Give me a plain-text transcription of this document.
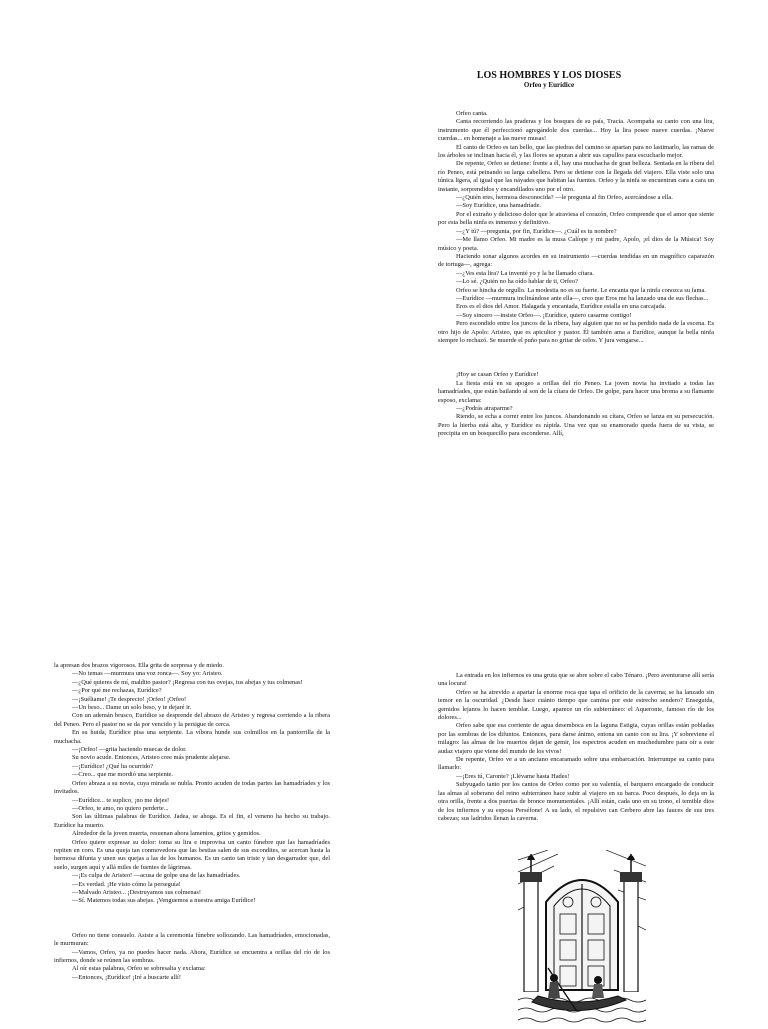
LOS HOMBRES Y LOS DIOSES
Orfeo y Eurídice

Orfeo canta.

Canta recorriendo las praderas y los bosques de su país, Tracia. Acompaña su canto con una lira, instrumento que él perfeccionó agregándole dos cuerdas... Hoy la lira posee nueve cuerdas. ¡Nueve cuerdas... en homenaje a las nueve musas!

El canto de Orfeo es tan bello, que las piedras del camino se apartan para no lastimarlo, las ramas de los árboles se inclinan hacia él, y las flores se apuran a abrir sus capullos para escucharlo mejor.

De repente, Orfeo se detiene: frente a él, hay una muchacha de gran belleza. Sentada en la ribera del río Peneo, está peinando su larga cabellera. Pero se detiene con la llegada del viajero. Ella viste solo una túnica ligera, al igual que las náyades que habitan las fuentes. Orfeo y la ninfa se encuentran cara a cara un instante, sorprendidos y encandilados uno por el otro.

—¿Quién eres, hermosa desconocida? —le pregunta al fin Orfeo, acercándose a ella.

—Soy Eurídice, una hamadríade.

Por el extraño y delicioso dolor que le atraviesa el corazón, Orfeo comprende que el amor que siente por esta bella ninfa es inmenso y definitivo.

—¿Y tú? —pregunta, por fin, Eurídice—. ¿Cuál es tu nombre?

—Me llamo Orfeo. Mi madre es la musa Calíope y mi padre, Apolo, ¡el dios de la Música! Soy músico y poeta.

Haciendo sonar algunos acordes en su instrumento —cuerdas tendidas en un magnífico caparazón de tortuga—, agrega:

—¿Ves esta lira? La inventé yo y la he llamado cítara.

—Lo sé. ¿Quién no ha oído hablar de ti, Orfeo?

Orfeo se hincha de orgullo. La modestia no es su fuerte. Le encanta que la ninfa conozca su fama.

—Eurídice —murmura inclinándose ante ella—, creo que Eros me ha lanzado una de sus flechas...

Eros es el dios del Amor. Halagada y encantada, Eurídice estalla en una carcajada.

—Soy sincero —insiste Orfeo—. ¡Eurídice, quiero casarme contigo!

Pero escondido entre los juncos de la ribera, hay alguien que no se ha perdido nada de la escena. Es otro hijo de Apolo: Aristeo, que es apicultor y pastor. Él también ama a Eurídice, aunque la bella ninfa siempre lo rechazó. Se muerde el puño para no gritar de celos. Y jura vengarse...

¡Hoy se casan Orfeo y Eurídice!

La fiesta está en su apogeo a orillas del río Peneo. La joven novia ha invitado a todas las hamadríades, que están bailando al son de la cítara de Orfeo. De golpe, para hacer una broma a su flamante esposo, exclama:

—¿Podrás atraparme?

Riendo, se echa a correr entre los juncos. Abandonando su cítara, Orfeo se lanza en su persecución. Pero la hierba está alta, y Eurídice es rápida. Una vez que su enamorado queda fuera de su vista, se precipita en un bosquecillo para esconderse. Allí,

la apresan dos brazos vigorosos. Ella grita de sorpresa y de miedo.

—No temas —murmura una voz ronca—. Soy yo: Aristeo.

—¿Qué quieres de mí, maldito pastor? ¡Regresa con tus ovejas, tus abejas y tus colmenas!

—¿Por qué me rechazas, Eurídice?

—¡Suéltame! ¡Te desprecio! ¡Orfeo! ¡Orfeo!

—Un beso... Dame un solo beso, y te dejaré ir.

Con un ademán brusco, Eurídice se desprende del abrazo de Aristeo y regresa corriendo a la ribera del Peneo. Pero el pastor no se da por vencido y la persigue de cerca.

En su huida, Eurídice pisa una serpiente. La víbora hunde sus colmillos en la pantorrilla de la muchacha.

—¡Orfeo! —grita haciendo muecas de dolor.

Su novio acude. Entonces, Aristeo cree más prudente alejarse.

—¡Eurídice! ¿Qué ha ocurrido?

—Creo... que me mordió una serpiente.

Orfeo abraza a su novia, cuya mirada se nubla. Pronto acuden de todas partes las hamadríades y los invitados.

—Eurídice... te suplico, ¡no me dejes!

—Orfeo, te amo, no quiero perderte...

Son las últimas palabras de Eurídice. Jadea, se ahoga. Es el fin, el veneno ha hecho su trabajo. Eurídice ha muerto.

Alrededor de la joven muerta, resuenan ahora lamentos, gritos y gemidos.

Orfeo quiere expresar su dolor: toma su lira e improvisa un canto fúnebre que las hamadríades repiten en coro. Es una queja tan conmovedora que las bestias salen de sus escondites, se acercan hasta la hermosa difunta y unen sus quejas a las de los humanos. Es un canto tan triste y tan desgarrador que, del suelo, surgen aquí y allá miles de fuentes de lágrimas.

—¡Es culpa de Aristeo! —acusa de golpe una de las hamadríades.

—Es verdad. ¡He visto cómo la perseguía!

—Malvado Aristeo... ¡Destruyamos sus colmenas!

—Sí. Matemos todas sus abejas. ¡Venguemos a nuestra amiga Eurídice!

Orfeo no tiene consuelo. Asiste a la ceremonia fúnebre sollozando. Las hamadríades, emocionadas, le murmuran:

—Vamos, Orfeo, ya no puedes hacer nada. Ahora, Eurídice se encuentra a orillas del río de los infiernos, donde se reúnen las sombras.

Al oír estas palabras, Orfeo se sobresalta y exclama:

—Entonces, ¡Eurídice! ¡Iré a buscarte allí!

La entrada en los infiernos es una gruta que se abre sobre el cabo Ténaro. ¡Pero aventurarse allí sería una locura!

Orfeo se ha atrevido a apartar la enorme roca que tapa el orificio de la caverna; se ha lanzado sin temor en la oscuridad. ¿Desde hace cuánto tiempo que camina por este estrecho sendero? Enseguida, gemidos lejanos lo hacen temblar. Luego, aparece un río subterráneo: el Aqueronte, famoso río de los dolores...

Orfeo sabe que esa corriente de agua desemboca en la laguna Estigia, cuyas orillas están pobladas por las sombras de los difuntos. Entonces, para darse ánimo, entona un canto con su lira. ¡Y sobreviene el milagro: las almas de los muertos dejan de gemir, los espectros acuden en muchedumbre para oír a este audaz viajero que viene del mundo de los vivos!

De repente, Orfeo ve a un anciano encaramado sobre una embarcación. Interrumpe su canto para llamarlo:

—¡Eres tú, Caronte? ¡Llévame hasta Hades!

Subyugado tanto por los cantos de Orfeo como por su valentía, el barquero encargado de conducir las almas al soberano del reino subterráneo hace subir al viajero en su barca. Poco después, lo deja en la otra orilla, frente a dos puertas de bronce monumentales. ¡Allí están, cada uno en su trono, el temible dios de los infiernos y su esposa Perséfone! A su lado, el repulsivo can Cerbero abre las fauces de sus tres cabezas; sus ladridos llenan la caverna.
